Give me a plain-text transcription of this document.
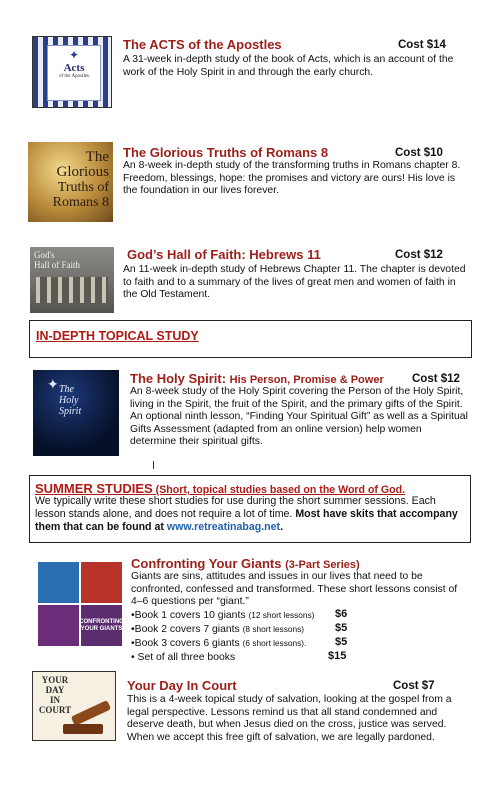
✦
Acts
of the Apostles
The ACTS of the Apostles	Cost $14
A 31-week in-depth study of the book of Acts, which is an account of the work of the Holy Spirit in and through the early church.
The
Glorious
Truths of
Romans 8
The Glorious Truths of Romans 8	Cost $10
An 8-week in-depth study of the transforming truths in Romans chapter 8. Freedom, blessings, hope: the promises and victory are ours! His love is the foundation in our lives forever.
God's
Hall of Faith
God’s Hall of Faith: Hebrews 11	Cost $12
An 11-week in-depth study of Hebrews Chapter 11. The chapter is devoted to faith and to a summary of the lives of great men and women of faith in the Old Testament.
IN-DEPTH TOPICAL STUDY
✦ The
Holy
Spirit
The Holy Spirit: His Person, Promise & Power Cost $12
An 8-week study of the Holy Spirit covering the Person of the Holy Spirit, living in the Spirit, the fruit of the Spirit, and the primary gifts of the Spirit. An optional ninth lesson, “Finding Your Spiritual Gift” as well as a Spiritual Gifts Assessment (adapted from an online version) help women determine their spiritual gifts.
SUMMER STUDIES (Short, topical studies based on the Word of God.
We typically write these short studies for use during the short summer sessions. Each lesson stands alone, and does not require a lot of time. Most have skits that accompany them that can be found at www.retreatinabag.net.
CONFRONTING YOUR GIANTS
Confronting Your Giants (3-Part Series)
Giants are sins, attitudes and issues in our lives that need to be confronted, confessed and transformed. These short lessons consist of 4–6 questions per “giant.”
•Book 1 covers 10 giants (12 short lessons) $6
•Book 2 covers 7 giants (8 short lessons)	$5
•Book 3 covers 6 giants (6 short lessons).	$5
• Set of all three books	$15
YOUR DAY
IN
COURT
Your Day In Court	Cost $7
This is a 4-week topical study of salvation, looking at the gospel from a legal perspective. Lessons remind us that all stand condemned and deserve death, but when Jesus died on the cross, justice was served. When we accept this free gift of salvation, we are legally pardoned.
